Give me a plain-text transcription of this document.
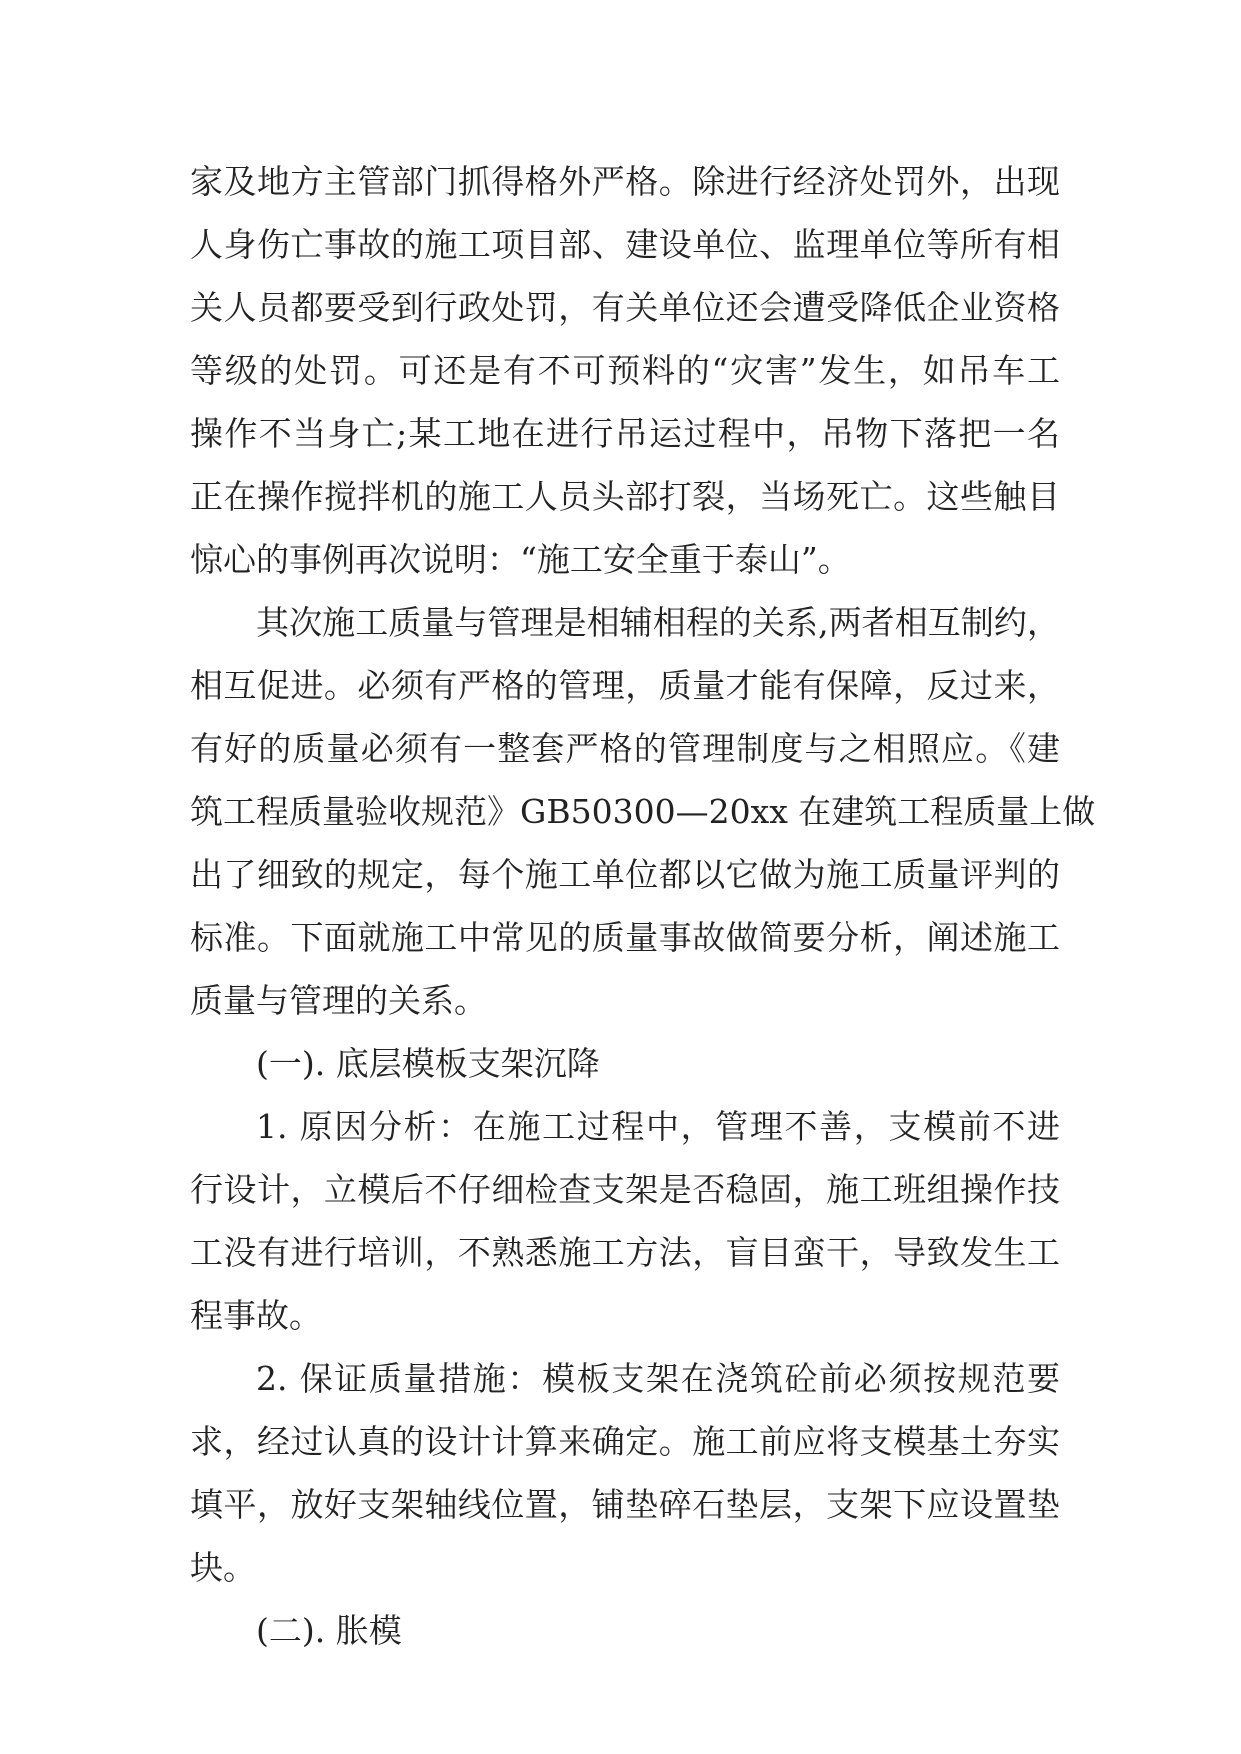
家及地方主管部门抓得格外严格。除进行经济处罚外，出现
人身伤亡事故的施工项目部、建设单位、监理单位等所有相
关人员都要受到行政处罚，有关单位还会遭受降低企业资格
等级的处罚。可还是有不可预料的“灾害”发生，如吊车工
操作不当身亡;某工地在进行吊运过程中，吊物下落把一名
正在操作搅拌机的施工人员头部打裂，当场死亡。这些触目
惊心的事例再次说明：“施工安全重于泰山”。
其次施工质量与管理是相辅相程的关系,两者相互制约，
相互促进。必须有严格的管理，质量才能有保障，反过来，
有好的质量必须有一整套严格的管理制度与之相照应。《建
筑工程质量验收规范》GB50300—20xx 在建筑工程质量上做
出了细致的规定，每个施工单位都以它做为施工质量评判的
标准。下面就施工中常见的质量事故做简要分析，阐述施工
质量与管理的关系。
(一). 底层模板支架沉降
1. 原因分析：在施工过程中，管理不善，支模前不进
行设计，立模后不仔细检查支架是否稳固，施工班组操作技
工没有进行培训，不熟悉施工方法，盲目蛮干，导致发生工
程事故。
2. 保证质量措施：模板支架在浇筑砼前必须按规范要
求，经过认真的设计计算来确定。施工前应将支模基土夯实
填平，放好支架轴线位置，铺垫碎石垫层，支架下应设置垫
块。
(二). 胀模
